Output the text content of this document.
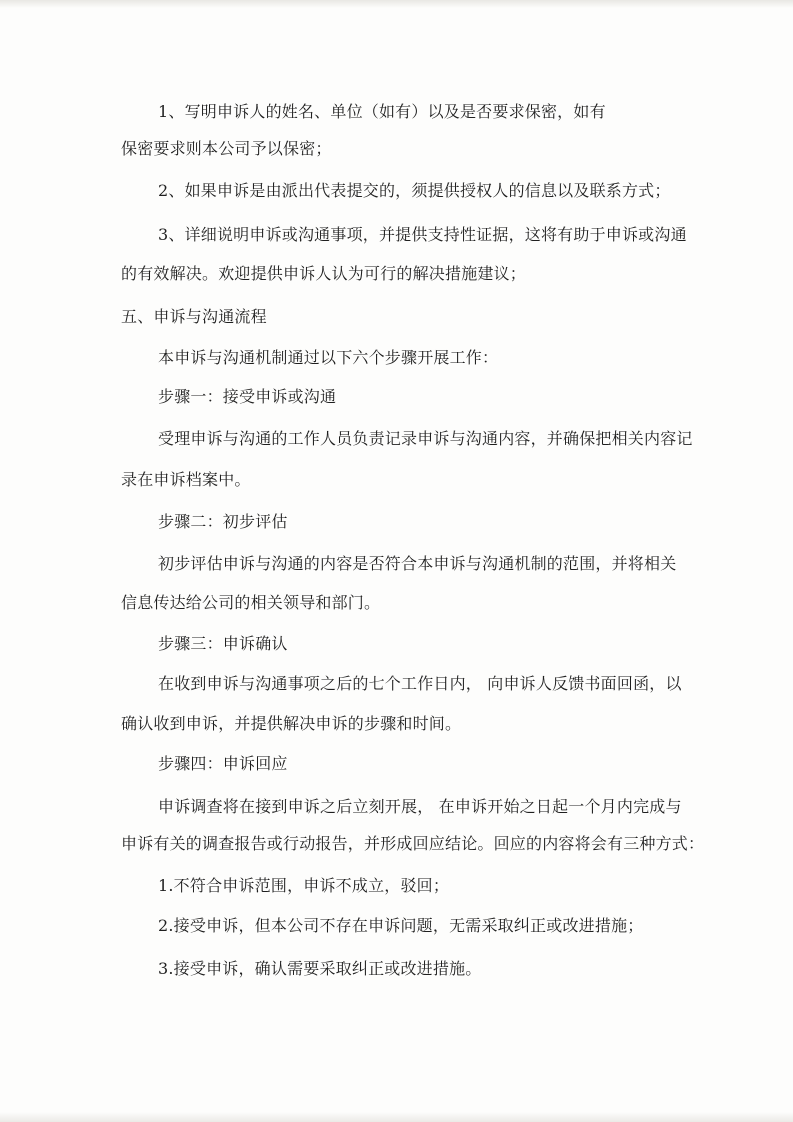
1、写明申诉人的姓名、单位（如有）以及是否要求保密，如有
保密要求则本公司予以保密；
2、如果申诉是由派出代表提交的，须提供授权人的信息以及联系方式；
3、详细说明申诉或沟通事项，并提供支持性证据，这将有助于申诉或沟通
的有效解决。欢迎提供申诉人认为可行的解决措施建议；
五、申诉与沟通流程
本申诉与沟通机制通过以下六个步骤开展工作：
步骤一：接受申诉或沟通
受理申诉与沟通的工作人员负责记录申诉与沟通内容，并确保把相关内容记
录在申诉档案中。
步骤二：初步评估
初步评估申诉与沟通的内容是否符合本申诉与沟通机制的范围，并将相关
信息传达给公司的相关领导和部门。
步骤三：申诉确认
在收到申诉与沟通事项之后的七个工作日内， 向申诉人反馈书面回函，以
确认收到申诉，并提供解决申诉的步骤和时间。
步骤四：申诉回应
申诉调查将在接到申诉之后立刻开展， 在申诉开始之日起一个月内完成与
申诉有关的调查报告或行动报告，并形成回应结论。回应的内容将会有三种方式：
1.不符合申诉范围，申诉不成立，驳回；
2.接受申诉，但本公司不存在申诉问题，无需采取纠正或改进措施；
3.接受申诉，确认需要采取纠正或改进措施。
